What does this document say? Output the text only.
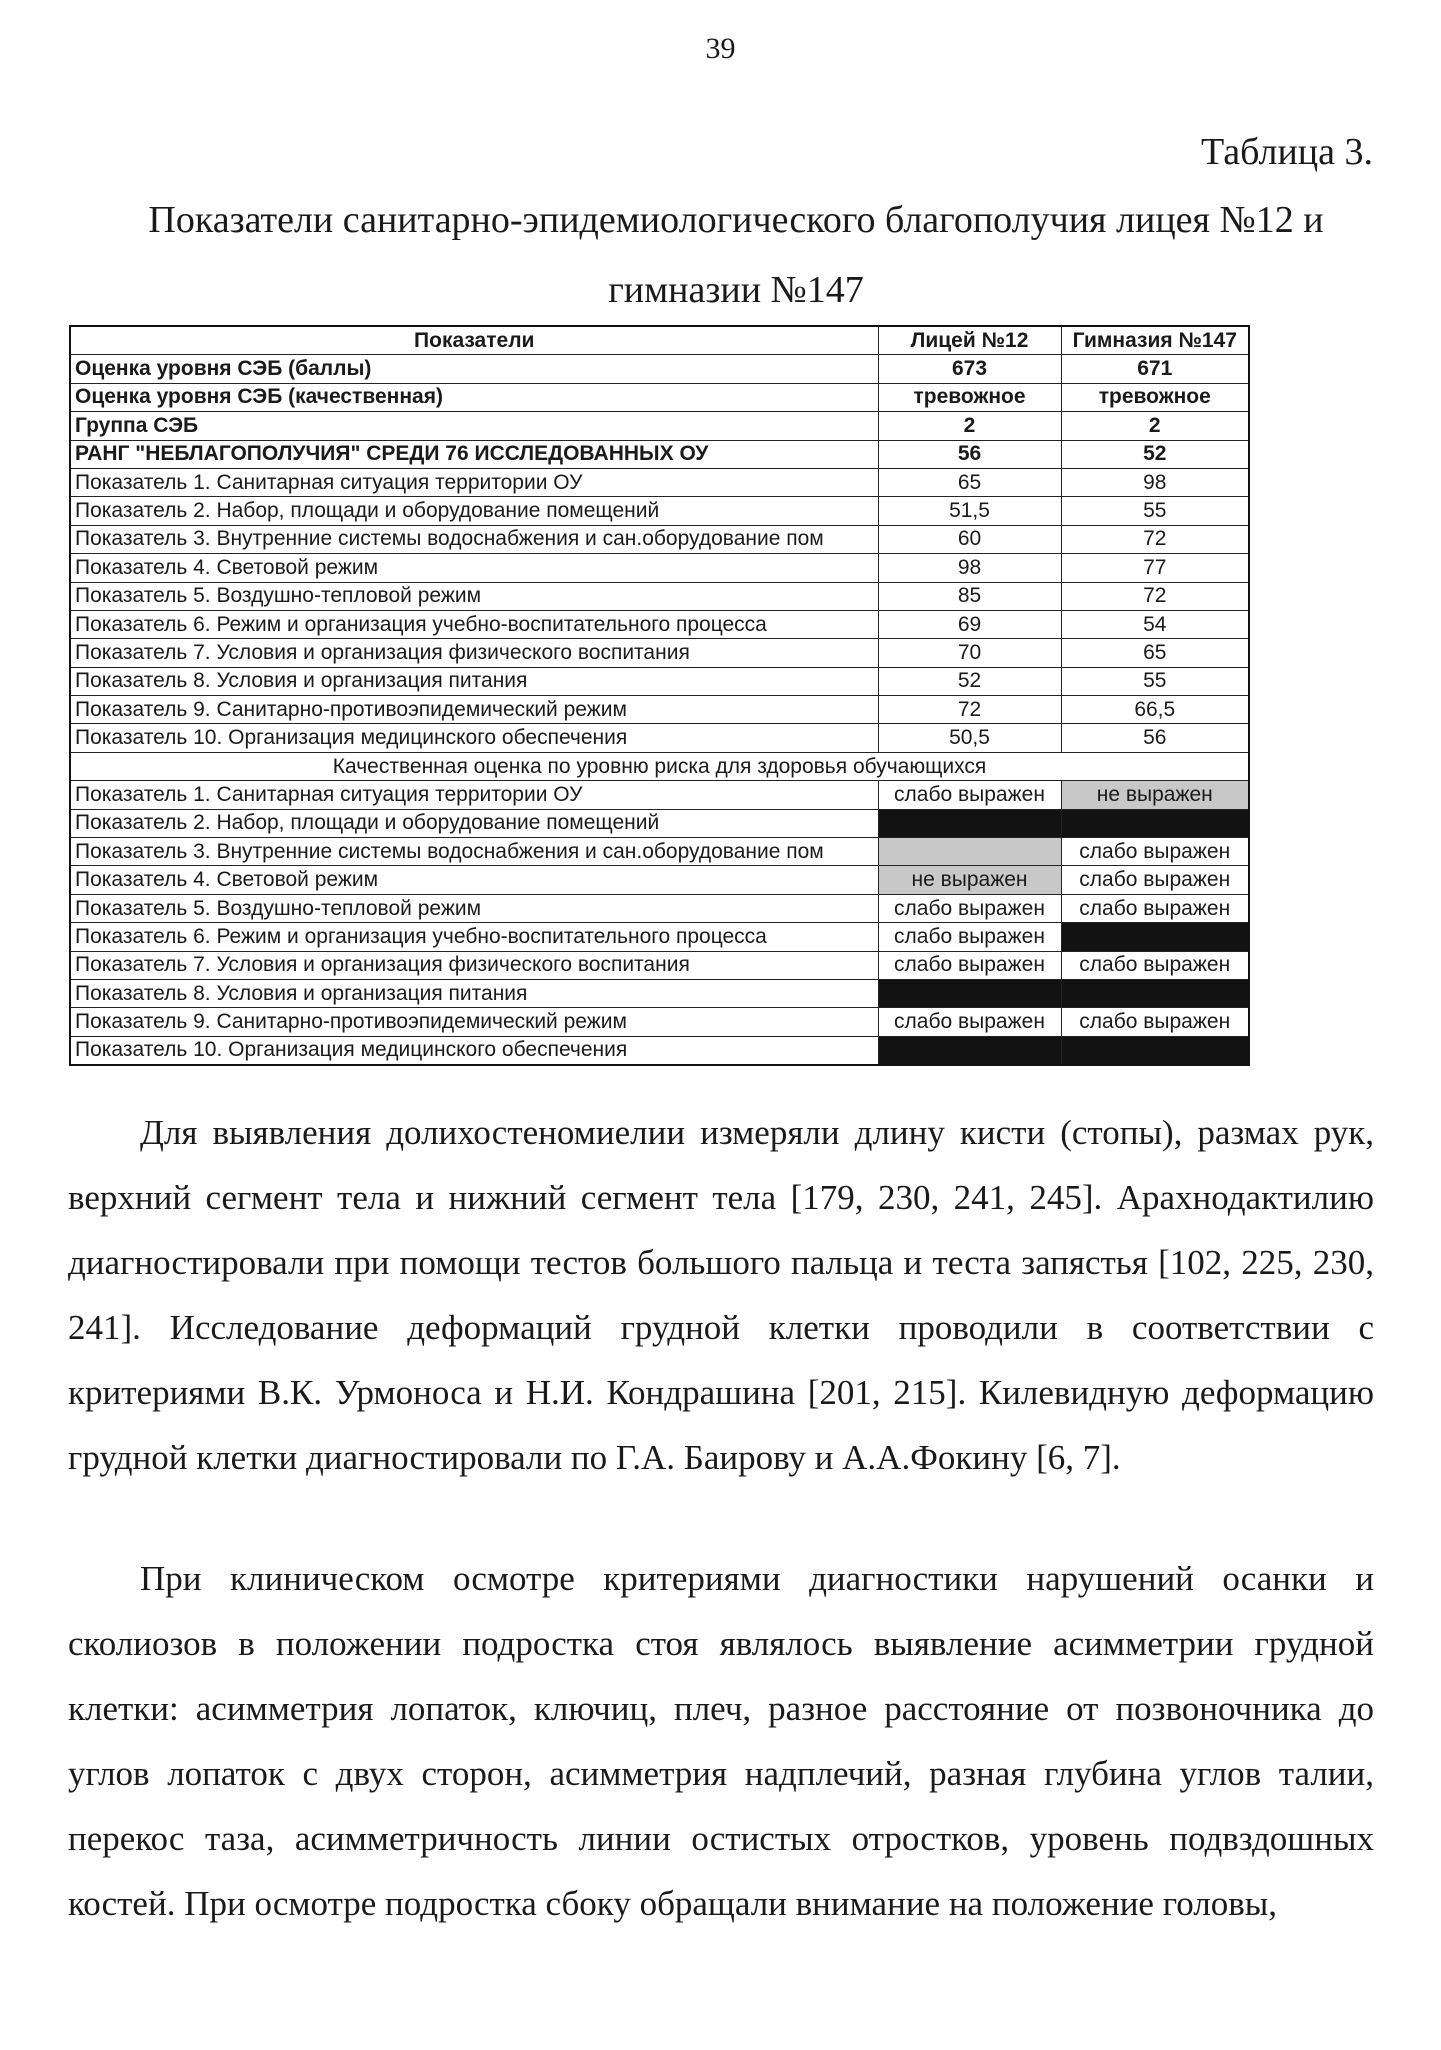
39
Таблица 3.
Показатели санитарно-эпидемиологического благополучия лицея №12 и гимназии №147
Показатели	Лицей №12	Гимназия №147
Оценка уровня СЭБ (баллы)	673	671
Оценка уровня СЭБ (качественная)	тревожное	тревожное
Группа СЭБ	2	2
РАНГ "НЕБЛАГОПОЛУЧИЯ" СРЕДИ 76 ИССЛЕДОВАННЫХ ОУ	56	52
Показатель 1. Санитарная ситуация территории ОУ	65	98
Показатель 2. Набор, площади и оборудование помещений	51,5	55
Показатель 3. Внутренние системы водоснабжения и сан.оборудование пом	60	72
Показатель 4. Световой режим	98	77
Показатель 5. Воздушно-тепловой режим	85	72
Показатель 6. Режим и организация учебно-воспитательного процесса	69	54
Показатель 7. Условия и организация физического воспитания	70	65
Показатель 8. Условия и организация питания	52	55
Показатель 9. Санитарно-противоэпидемический режим	72	66,5
Показатель 10. Организация медицинского обеспечения	50,5	56
Качественная оценка по уровню риска для здоровья обучающихся		
Показатель 1. Санитарная ситуация территории ОУ	слабо выражен	не выражен
Показатель 2. Набор, площади и оборудование помещений		
Показатель 3. Внутренние системы водоснабжения и сан.оборудование пом		слабо выражен
Показатель 4. Световой режим	не выражен	слабо выражен
Показатель 5. Воздушно-тепловой режим	слабо выражен	слабо выражен
Показатель 6. Режим и организация учебно-воспитательного процесса	слабо выражен	
Показатель 7. Условия и организация физического воспитания	слабо выражен	слабо выражен
Показатель 8. Условия и организация питания		
Показатель 9. Санитарно-противоэпидемический режим	слабо выражен	слабо выражен
Показатель 10. Организация медицинского обеспечения		

Для выявления долихостеномиелии измеряли длину кисти (стопы), размах рук, верхний сегмент тела и нижний сегмент тела [179, 230, 241, 245]. Арахнодактилию диагностировали при помощи тестов большого пальца и теста запястья [102, 225, 230, 241]. Исследование деформаций грудной клетки проводили в соответствии с критериями В.К. Урмоноса и Н.И. Кондрашина [201, 215]. Килевидную деформацию грудной клетки диагностировали по Г.А. Баирову и А.А.Фокину [6, 7].

При клиническом осмотре критериями диагностики нарушений осанки и сколиозов в положении подростка стоя являлось выявление асимметрии грудной клетки: асимметрия лопаток, ключиц, плеч, разное расстояние от позвоночника до углов лопаток с двух сторон, асимметрия надплечий, разная глубина углов талии, перекос таза, асимметричность линии остистых отростков, уровень подвздошных костей. При осмотре подростка сбоку обращали внимание на положение головы,
